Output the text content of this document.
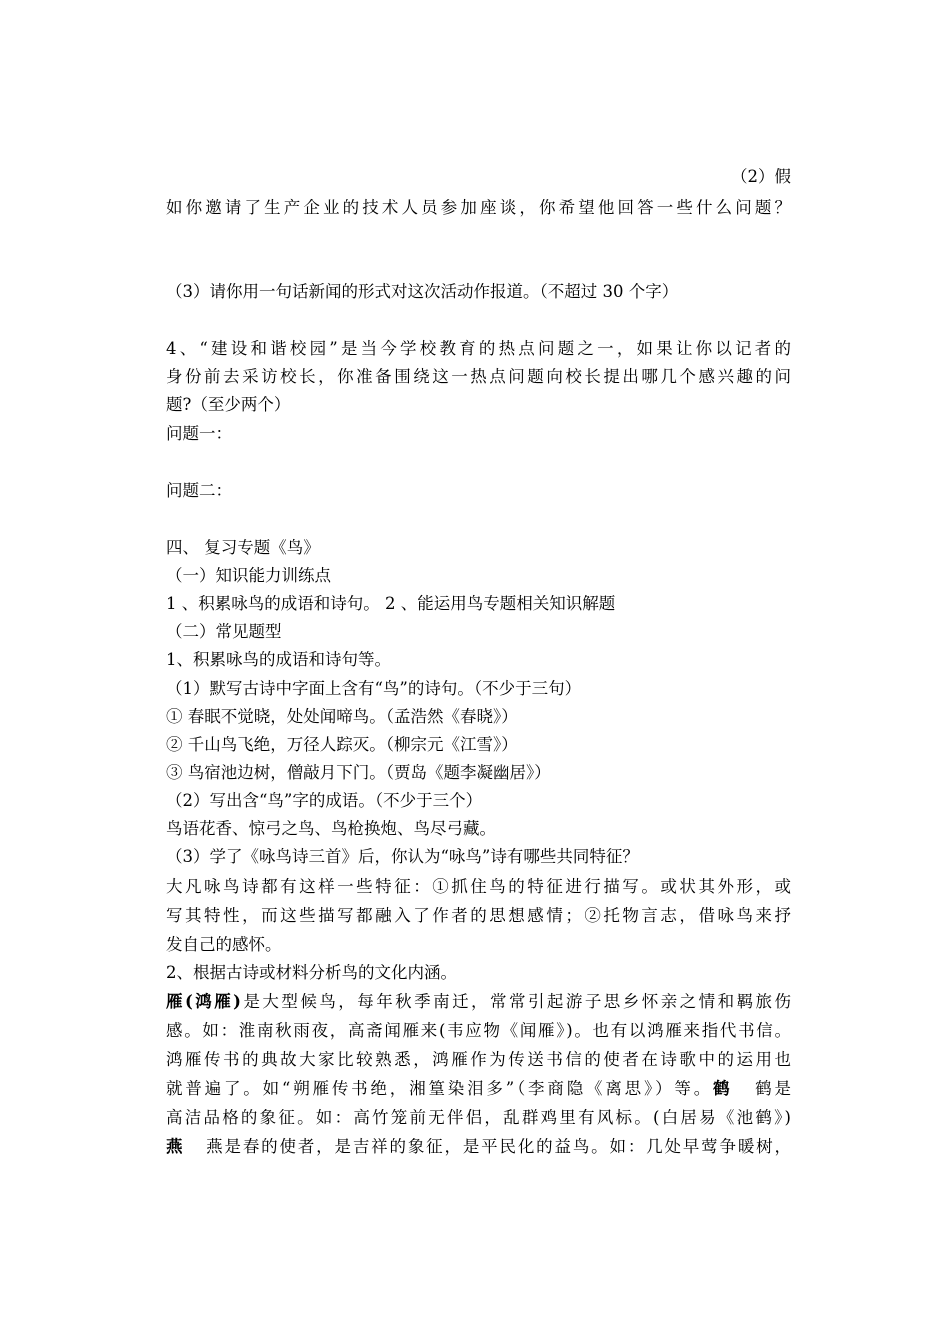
（2）假
如你邀请了生产企业的技术人员参加座谈，你希望他回答一些什么问题？
（3）请你用一句话新闻的形式对这次活动作报道。（不超过 30 个字）
4、“建设和谐校园”是当今学校教育的热点问题之一，如果让你以记者的
身份前去采访校长，你准备围绕这一热点问题向校长提出哪几个感兴趣的问
题?（至少两个）
问题一：
问题二：
四、 复习专题《鸟》
（一）知识能力训练点
1 、积累咏鸟的成语和诗句。 2 、能运用鸟专题相关知识解题
（二）常见题型
1、积累咏鸟的成语和诗句等。
（1）默写古诗中字面上含有“鸟”的诗句。（不少于三句）
① 春眠不觉晓，处处闻啼鸟。（孟浩然《春晓》）
② 千山鸟飞绝，万径人踪灭。（柳宗元《江雪》）
③ 鸟宿池边树，僧敲月下门。（贾岛《题李凝幽居》）
（2）写出含“鸟”字的成语。（不少于三个）
鸟语花香、惊弓之鸟、鸟枪换炮、鸟尽弓藏。
（3）学了《咏鸟诗三首》后，你认为“咏鸟”诗有哪些共同特征？
大凡咏鸟诗都有这样一些特征：①抓住鸟的特征进行描写。或状其外形，或
写其特性，而这些描写都融入了作者的思想感情；②托物言志，借咏鸟来抒
发自己的感怀。
2、根据古诗或材料分析鸟的文化内涵。
雁(鸿雁)是大型候鸟，每年秋季南迁，常常引起游子思乡怀亲之情和羁旅伤
感。如：淮南秋雨夜，高斋闻雁来(韦应物《闻雁》)。也有以鸿雁来指代书信。
鸿雁传书的典故大家比较熟悉，鸿雁作为传送书信的使者在诗歌中的运用也
就普遍了。如“朔雁传书绝，湘篁染泪多”（李商隐《离思》）等。鹤 鹤是
高洁品格的象征。如：高竹笼前无伴侣，乱群鸡里有风标。(白居易《池鹤》)
燕 燕是春的使者，是吉祥的象征，是平民化的益鸟。如：几处早莺争暖树，
